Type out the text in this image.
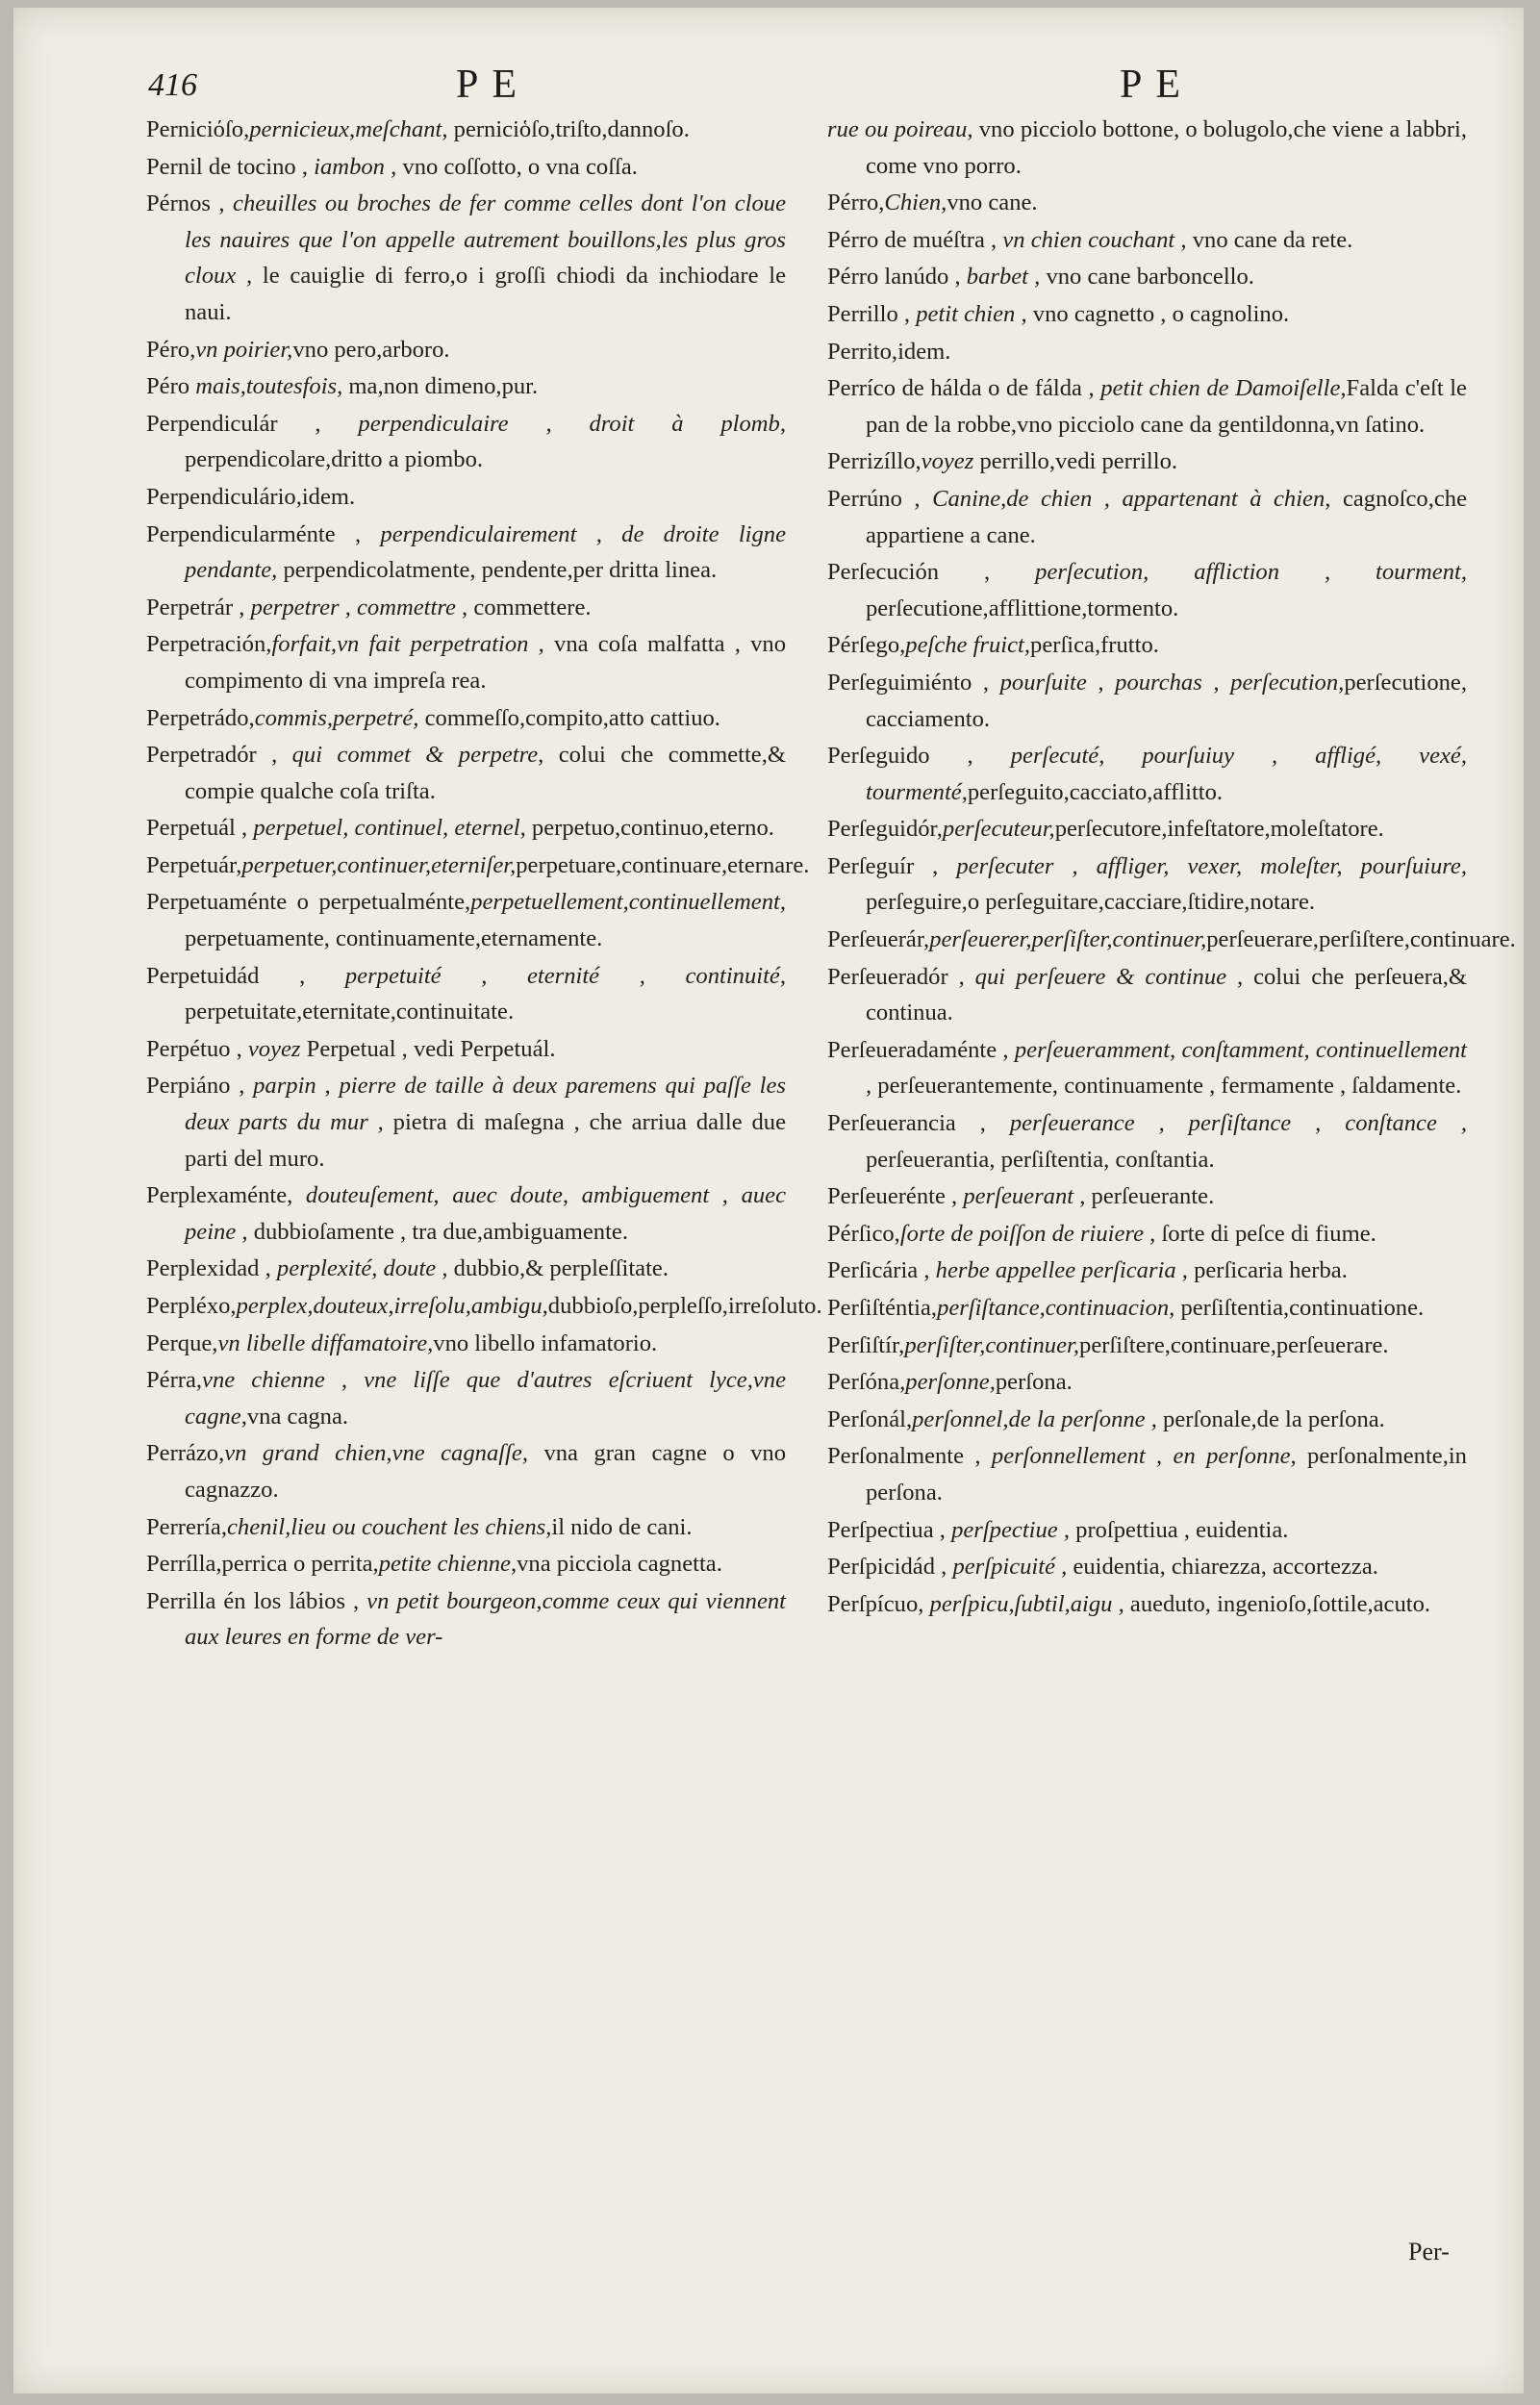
416	PE	PE

Perniciόſo,pernicieux,meſchant, perniciὁſo,triſto,dannoſo.

Pernil de tocino , iambon , vno coſſotto, o vna coſſa.

Pérnos , cheuilles ou broches de fer comme celles dont l'on cloue les nauires que l'on appelle autrement bouillons,les plus gros cloux , le cauiglie di ferro,o i groſſi chiodi da inchiodare le naui.

Péro,vn poirier,vno pero,arboro.

Péro mais,toutesfois, ma,non dimeno,pur.

Perpendiculár , perpendiculaire , droit à plomb, perpendicolare,dritto a piombo.

Perpendiculário,idem.

Perpendicularménte , perpendiculairement , de droite ligne pendante, perpendicolatmente, pendente,per dritta linea.

Perpetrár , perpetrer , commettre , commettere.

Perpetración,forfait,vn fait perpetration , vna coſa malfatta , vno compimento di vna impreſa rea.

Perpetrádo,commis,perpetré, commeſſo,compito,atto cattiuo.

Perpetradór , qui commet & perpetre, colui che commette,& compie qualche coſa triſta.

Perpetuál , perpetuel, continuel, eternel, perpetuo,continuo,eterno.

Perpetuár,perpetuer,continuer,eterniſer,perpetuare,continuare,eternare.

Perpetuaménte o perpetualménte,perpetuellement,continuellement, perpetuamente, continuamente,eternamente.

Perpetuidád , perpetuité , eternité , continuité, perpetuitate,eternitate,continuitate.

Perpétuo , voyez Perpetual , vedi Perpetuál.

Perpiáno , parpin , pierre de taille à deux paremens qui paſſe les deux parts du mur , pietra di maſegna , che arriua dalle due parti del muro.

Perplexaménte, douteuſement, auec doute, ambiguement , auec peine , dubbioſamente , tra due,ambiguamente.

Perplexidad , perplexité, doute , dubbio,& perpleſſitate.

Perpléxo,perplex,douteux,irreſolu,ambigu,dubbioſo,perpleſſo,irreſoluto.

Perque,vn libelle diffamatoire,vno libello infamatorio.

Pérra,vne chienne , vne liſſe que d'autres eſcriuent lyce,vne cagne,vna cagna.

Perrázo,vn grand chien,vne cagnaſſe, vna gran cagne o vno cagnazzo.

Perrería,chenil,lieu ou couchent les chiens,il nido de cani.

Perrílla,perrica o perrita,petite chienne,vna picciola cagnetta.

Perrilla én los lábios , vn petit bourgeon,comme ceux qui viennent aux leures en forme de ver-

rue ou poireau, vno picciolo bottone, o bolugolo,che viene a labbri, come vno porro.

Pérro,Chien,vno cane.

Pérro de muéſtra , vn chien couchant , vno cane da rete.

Pérro lanúdo , barbet , vno cane barboncello.

Perrillo , petit chien , vno cagnetto , o cagnolino.

Perrito,idem.

Perríco de hálda o de fálda , petit chien de Damoiſelle,Falda c'eſt le pan de la robbe,vno picciolo cane da gentildonna,vn ſatino.

Perrizíllo,voyez perrillo,vedi perrillo.

Perrúno , Canine,de chien , appartenant à chien, cagnoſco,che appartiene a cane.

Perſecución , perſecution, affliction , tourment, perſecutione,afflittione,tormento.

Pérſego,peſche fruict,perſica,frutto.

Perſeguimiénto , pourſuite , pourchas , perſecution,perſecutione, cacciamento.

Perſeguido , perſecuté, pourſuiuy , affligé, vexé, tourmenté,perſeguito,cacciato,afflitto.

Perſeguidór,perſecuteur,perſecutore,infeſtatore,moleſtatore.

Perſeguír , perſecuter , affliger, vexer, moleſter, pourſuiure, perſeguire,o perſeguitare,cacciare,ſtidire,notare.

Perſeuerár,perſeuerer,perſiſter,continuer,perſeuerare,perſiſtere,continuare.

Perſeueradór , qui perſeuere & continue , colui che perſeuera,& continua.

Perſeueradaménte , perſeueramment, conſtamment, continuellement , perſeuerantemente, continuamente , fermamente , ſaldamente.

Perſeuerancia , perſeuerance , perſiſtance , conſtance , perſeuerantia, perſiſtentia, conſtantia.

Perſeuerénte , perſeuerant , perſeuerante.

Pérſico,ſorte de poiſſon de riuiere , ſorte di peſce di fiume.

Perſicária , herbe appellee perſicaria , perſicaria herba.

Perſiſténtia,perſiſtance,continuacion, perſiſtentia,continuatione.

Perſiſtír,perſiſter,continuer,perſiſtere,continuare,perſeuerare.

Perſóna,perſonne,perſona.

Perſonál,perſonnel,de la perſonne , perſonale,de la perſona.

Perſonalmente , perſonnellement , en perſonne, perſonalmente,in perſona.

Perſpectiua , perſpectiue , proſpettiua , euidentia.

Perſpicidád , perſpicuité , euidentia, chiarezza, accortezza.

Perſpícuo, perſpicu,ſubtil,aigu , aueduto, ingenioſo,ſottile,acuto.

Per-
